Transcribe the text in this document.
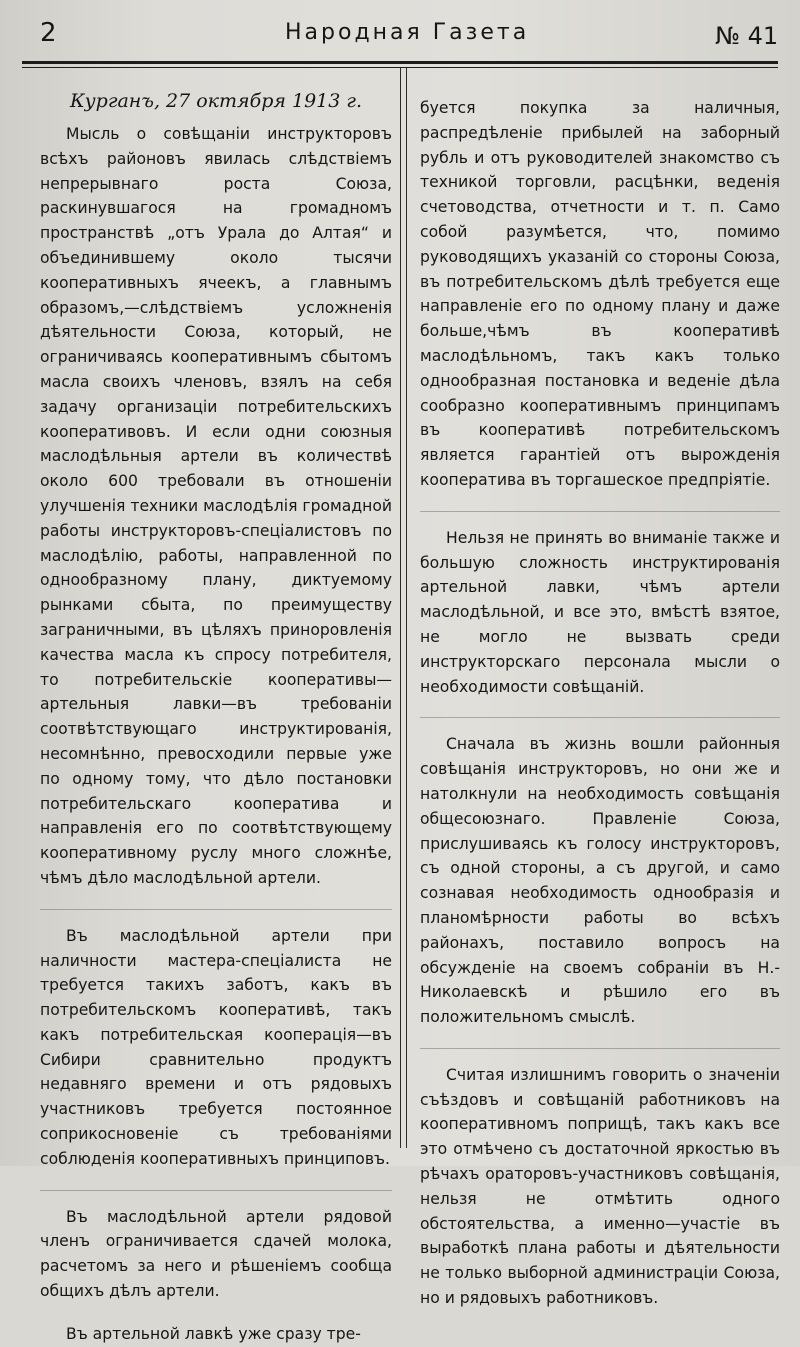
2	Народная Газета	№ 41
Курганъ, 27 октября 1913 г.

Мысль о совѣщаніи инструкторовъ всѣхъ районовъ явилась слѣдствіемъ непрерывнаго роста Союза, раскинувшагося на громадномъ пространствѣ „отъ Урала до Алтая“ и объединившему около тысячи кооперативныхъ ячеекъ, а главнымъ образомъ,—слѣдствіемъ усложненія дѣятельности Союза, который, не ограничиваясь кооперативнымъ сбытомъ масла своихъ членовъ, взялъ на себя задачу организаціи потребительскихъ кооперативовъ. И если одни союзныя маслодѣльныя артели въ количествѣ около 600 требовали въ отношеніи улучшенія техники маслодѣлія громадной работы инструкторовъ-спеціалистовъ по маслодѣлію, работы, направленной по однообразному плану, диктуемому рынками сбыта, по преимуществу заграничными, въ цѣляхъ приноровленія качества масла къ спросу потребителя, то потребительскіе кооперативы—артельныя лавки—въ требованіи соотвѣтствующаго инструктированія, несомнѣнно, превосходили первые уже по одному тому, что дѣло постановки потребительскаго кооператива и направленія его по соотвѣтствующему кооперативному руслу много сложнѣе, чѣмъ дѣло маслодѣльной артели.

Въ маслодѣльной артели при наличности мастера-спеціалиста не требуется такихъ заботъ, какъ въ потребительскомъ кооперативѣ, такъ какъ потребительская кооперація—въ Сибири сравнительно продуктъ недавняго времени и отъ рядовыхъ участниковъ требуется постоянное соприкосновеніе съ требованіями соблюденія кооперативныхъ принциповъ.

Въ маслодѣльной артели рядовой членъ ограничивается сдачей молока, расчетомъ за него и рѣшеніемъ сообща общихъ дѣлъ артели.

Въ артельной лавкѣ уже сразу тре-

буется покупка за наличныя, распредѣленіе прибылей на заборный рубль и отъ руководителей знакомство съ техникой торговли, расцѣнки, веденія счетоводства, отчетности и т. п. Само собой разумѣется, что, помимо руководящихъ указаній со стороны Союза, въ потребительскомъ дѣлѣ требуется еще направленіе его по одному плану и даже больше,чѣмъ въ кооперативѣ маслодѣльномъ, такъ какъ только однообразная постановка и веденіе дѣла сообразно кооперативнымъ принципамъ въ кооперативѣ потребительскомъ является гарантіей отъ вырожденія кооператива въ торгашеское предпріятіе.

Нельзя не принять во вниманіе также и большую сложность инструктированія артельной лавки, чѣмъ артели маслодѣльной, и все это, вмѣстѣ взятое, не могло не вызвать среди инструкторскаго персонала мысли о необходимости совѣщаній.

Сначала въ жизнь вошли районныя совѣщанія инструкторовъ, но они же и натолкнули на необходимость совѣщанія общесоюзнаго. Правленіе Союза, прислушиваясь къ голосу инструкторовъ, съ одной стороны, а съ другой, и само сознавая необходимость однообразія и планомѣрности работы во всѣхъ районахъ, поставило вопросъ на обсужденіе на своемъ собраніи въ Н.-Николаевскѣ и рѣшило его въ положительномъ смыслѣ.

Считая излишнимъ говорить о значеніи съѣздовъ и совѣщаній работниковъ на кооперативномъ поприщѣ, такъ какъ все это отмѣчено съ достаточной яркостью въ рѣчахъ ораторовъ-участниковъ совѣщанія, нельзя не отмѣтить одного обстоятельства, а именно—участіе въ выработкѣ плана работы и дѣятельности не только выборной администраціи Союза, но и рядовыхъ работниковъ.
